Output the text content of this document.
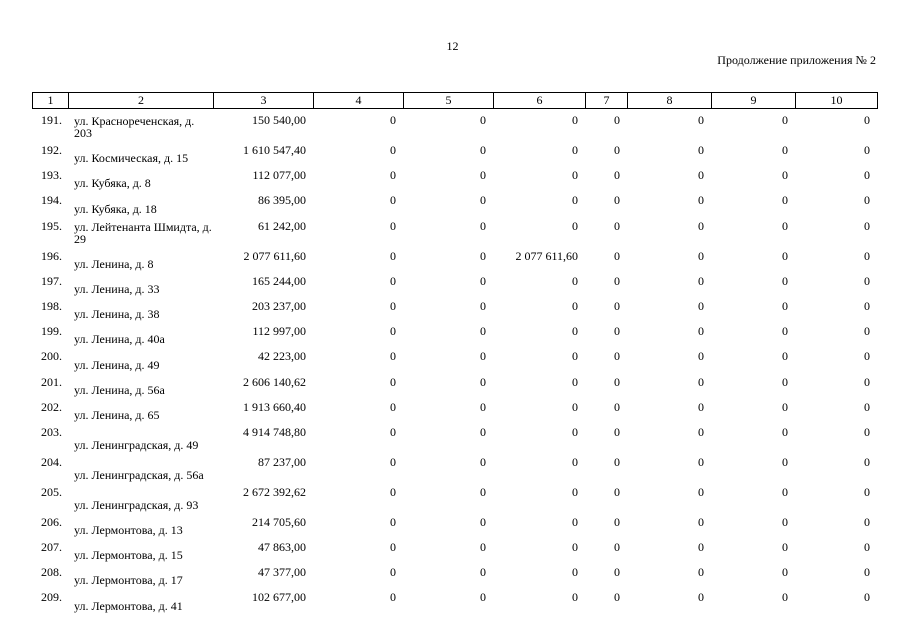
12
Продолжение приложения № 2
1	2	3	4	5	6	7	8	9	10
191.	ул. Краснореченская, д. 203	150 540,00	0	0	0	0	0	0	0
192.	ул. Космическая, д. 15	1 610 547,40	0	0	0	0	0	0	0
193.	ул. Кубяка, д. 8	112 077,00	0	0	0	0	0	0	0
194.	ул. Кубяка, д. 18	86 395,00	0	0	0	0	0	0	0
195.	ул. Лейтенанта Шмидта, д. 29	61 242,00	0	0	0	0	0	0	0
196.	ул. Ленина, д. 8	2 077 611,60	0	0	2 077 611,60	0	0	0	0
197.	ул. Ленина, д. 33	165 244,00	0	0	0	0	0	0	0
198.	ул. Ленина, д. 38	203 237,00	0	0	0	0	0	0	0
199.	ул. Ленина, д. 40а	112 997,00	0	0	0	0	0	0	0
200.	ул. Ленина, д. 49	42 223,00	0	0	0	0	0	0	0
201.	ул. Ленина, д. 56а	2 606 140,62	0	0	0	0	0	0	0
202.	ул. Ленина, д. 65	1 913 660,40	0	0	0	0	0	0	0
203.	ул. Ленинградская, д. 49	4 914 748,80	0	0	0	0	0	0	0
204.	ул. Ленинградская, д. 56а	87 237,00	0	0	0	0	0	0	0
205.	ул. Ленинградская, д. 93	2 672 392,62	0	0	0	0	0	0	0
206.	ул. Лермонтова, д. 13	214 705,60	0	0	0	0	0	0	0
207.	ул. Лермонтова, д. 15	47 863,00	0	0	0	0	0	0	0
208.	ул. Лермонтова, д. 17	47 377,00	0	0	0	0	0	0	0
209.	ул. Лермонтова, д. 41	102 677,00	0	0	0	0	0	0	0
